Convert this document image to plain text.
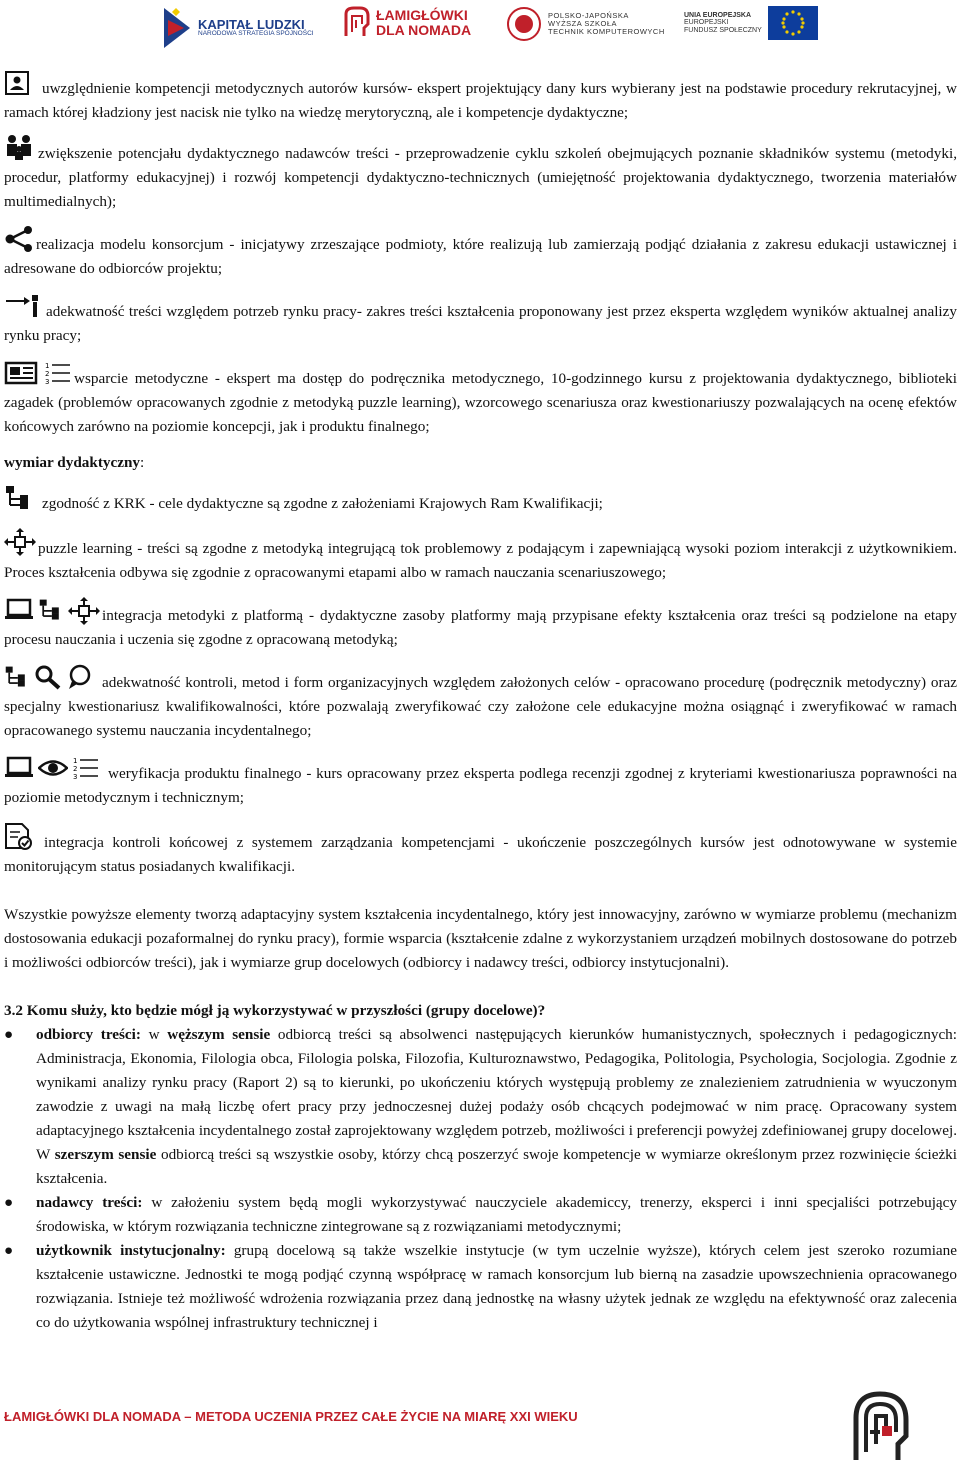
KAPITAŁ LUDZKI
NARODOWA STRATEGIA SPÓJNOŚCI
ŁAMIGŁÓWKI
DLA NOMADA
POLSKO-JAPOŃSKA
WYŻSZA SZKOŁA
TECHNIK KOMPUTEROWYCH
UNIA EUROPEJSKA
EUROPEJSKI
FUNDUSZ SPOŁECZNY

uwzględnienie kompetencji metodycznych autorów kursów- ekspert projektujący dany kurs wybierany jest na podstawie procedury rekrutacyjnej, w ramach której kładziony jest nacisk nie tylko na wiedzę merytoryczną, ale i kompetencje dydaktyczne;

zwiększenie potencjału dydaktycznego nadawców treści - przeprowadzenie cyklu szkoleń obejmujących poznanie składników systemu (metodyki, procedur, platformy edukacyjnej) i rozwój kompetencji dydaktyczno-technicznych (umiejętność projektowania dydaktycznego, tworzenia materiałów multimedialnych);

realizacja modelu konsorcjum - inicjatywy zrzeszające podmioty, które realizują lub zamierzają podjąć działania z zakresu edukacji ustawicznej i adresowane do odbiorców projektu;

adekwatność treści względem potrzeb rynku pracy- zakres treści kształcenia proponowany jest przez eksperta względem wyników aktualnej analizy rynku pracy;

1
2
3 wsparcie metodyczne - ekspert ma dostęp do podręcznika metodycznego, 10-godzinnego kursu z projektowania dydaktycznego, biblioteki zagadek (problemów opracowanych zgodnie z metodyką puzzle learning), wzorcowego scenariusza oraz kwestionariuszy pozwalających na ocenę efektów końcowych zarówno na poziomie koncepcji, jak i produktu finalnego;

wymiar dydaktyczny:

zgodność z KRK - cele dydaktyczne są zgodne z założeniami Krajowych Ram Kwalifikacji;

puzzle learning - treści są zgodne z metodyką integrującą tok problemowy z podającym i zapewniającą wysoki poziom interakcji z użytkownikiem. Proces kształcenia odbywa się zgodnie z opracowanymi etapami albo w ramach nauczania scenariuszowego;

integracja metodyki z platformą - dydaktyczne zasoby platformy mają przypisane efekty kształcenia oraz treści są podzielone na etapy procesu nauczania i uczenia się zgodne z opracowaną metodyką;

adekwatność kontroli, metod i form organizacyjnych względem założonych celów - opracowano procedurę (podręcznik metodyczny) oraz specjalny kwestionariusz kwalifikowalności, które pozwalają zweryfikować czy założone cele edukacyjne można osiągnąć i zweryfikować w ramach opracowanego systemu nauczania incydentalnego;

1
2
3 weryfikacja produktu finalnego - kurs opracowany przez eksperta podlega recenzji zgodnej z kryteriami kwestionariusza poprawności na poziomie metodycznym i technicznym;

integracja kontroli końcowej z systemem zarządzania kompetencjami - ukończenie poszczególnych kursów jest odnotowywane w systemie monitorującym status posiadanych kwalifikacji.

Wszystkie powyższe elementy tworzą adaptacyjny system kształcenia incydentalnego, który jest innowacyjny, zarówno w wymiarze problemu (mechanizm dostosowania edukacji pozaformalnej do rynku pracy), formie wsparcia (kształcenie zdalne z wykorzystaniem urządzeń mobilnych dostosowane do potrzeb i możliwości odbiorców treści), jak i wymiarze grup docelowych (odbiorcy i nadawcy treści, odbiorcy instytucjonalni).

3.2 Komu służy, kto będzie mógł ją wykorzystywać w przyszłości (grupy docelowe)?

●	odbiorcy treści: w węższym sensie odbiorcą treści są absolwenci następujących kierunków humanistycznych, społecznych i pedagogicznych: Administracja, Ekonomia, Filologia obca, Filologia polska, Filozofia, Kulturoznawstwo, Pedagogika, Politologia, Psychologia, Socjologia. Zgodnie z wynikami analizy rynku pracy (Raport 2) są to kierunki, po ukończeniu których występują problemy ze znalezieniem zatrudnienia w wyuczonym zawodzie z uwagi na małą liczbę ofert pracy przy jednoczesnej dużej podaży osób chcących podejmować w nim pracę. Opracowany system adaptacyjnego kształcenia incydentalnego został zaprojektowany względem potrzeb, możliwości i preferencji powyżej zdefiniowanej grupy docelowej. W szerszym sensie odbiorcą treści są wszystkie osoby, którzy chcą poszerzyć swoje kompetencje w wymiarze określonym przez rozwinięcie ścieżki kształcenia.
●	nadawcy treści: w założeniu system będą mogli wykorzystywać nauczyciele akademiccy, trenerzy, eksperci i inni specjaliści potrzebujący środowiska, w którym rozwiązania techniczne zintegrowane są z rozwiązaniami metodycznymi;
●	użytkownik instytucjonalny: grupą docelową są także wszelkie instytucje (w tym uczelnie wyższe), których celem jest szeroko rozumiane kształcenie ustawiczne. Jednostki te mogą podjąć czynną współpracę w ramach konsorcjum lub bierną na zasadzie upowszechnienia opracowanego rozwiązania. Istnieje też możliwość wdrożenia rozwiązania przez daną jednostkę na własny użytek jednak ze względu na efektywność oraz zalecenia co do użytkowania wspólnej infrastruktury technicznej i
ŁAMIGŁÓWKI DLA NOMADA – METODA UCZENIA PRZEZ CAŁE ŻYCIE NA MIARĘ XXI WIEKU
